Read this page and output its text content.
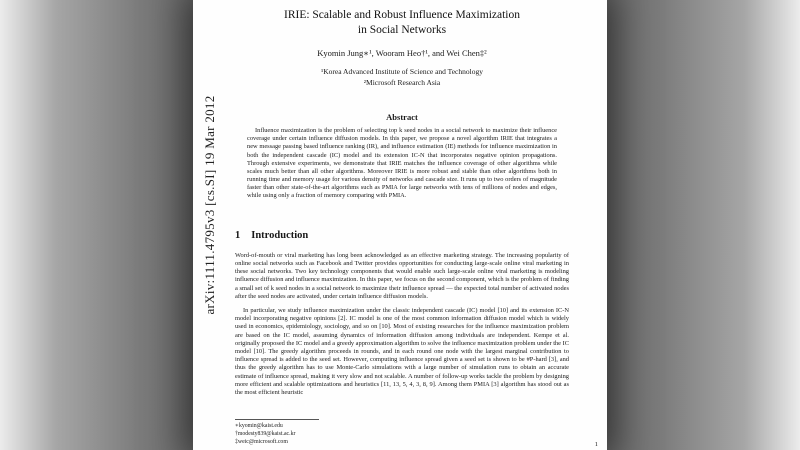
arXiv:1111.4795v3 [cs.SI] 19 Mar 2012
IRIE: Scalable and Robust Influence Maximization
in Social Networks
Kyomin Jung∗¹, Wooram Heo†¹, and Wei Chen‡²
¹Korea Advanced Institute of Science and Technology
²Microsoft Research Asia
Abstract

Influence maximization is the problem of selecting top k seed nodes in a social network to maximize their influence coverage under certain influence diffusion models. In this paper, we propose a novel algorithm IRIE that integrates a new message passing based influence ranking (IR), and influence estimation (IE) methods for influence maximization in both the independent cascade (IC) model and its extension IC-N that incorporates negative opinion propagations. Through extensive experiments, we demonstrate that IRIE matches the influence coverage of other algorithms while scales much better than all other algorithms. Moreover IRIE is more robust and stable than other algorithms both in running time and memory usage for various density of networks and cascade size. It runs up to two orders of magnitude faster than other state-of-the-art algorithms such as PMIA for large networks with tens of millions of nodes and edges, while using only a fraction of memory comparing with PMIA.

1 Introduction

Word-of-mouth or viral marketing has long been acknowledged as an effective marketing strategy. The increasing popularity of online social networks such as Facebook and Twitter provides opportunities for conducting large-scale online viral marketing in these social networks. Two key technology components that would enable such large-scale online viral marketing is modeling influence diffusion and influence maximization. In this paper, we focus on the second component, which is the problem of finding a small set of k seed nodes in a social network to maximize their influence spread — the expected total number of activated nodes after the seed nodes are activated, under certain influence diffusion models.

In particular, we study influence maximization under the classic independent cascade (IC) model [10] and its extension IC-N model incorporating negative opinions [2]. IC model is one of the most common information diffusion model which is widely used in economics, epidemiology, sociology, and so on [10]. Most of existing researches for the influence maximization problem are based on the IC model, assuming dynamics of information diffusion among individuals are independent. Kempe et al. originally proposed the IC model and a greedy approximation algorithm to solve the influence maximization problem under the IC model [10]. The greedy algorithm proceeds in rounds, and in each round one node with the largest marginal contribution to influence spread is added to the seed set. However, computing influence spread given a seed set is shown to be #P-hard [3], and thus the greedy algorithm has to use Monte-Carlo simulations with a large number of simulation runs to obtain an accurate estimate of influence spread, making it very slow and not scalable. A number of follow-up works tackle the problem by designing more efficient and scalable optimizations and heuristics [11, 13, 5, 4, 3, 8, 9]. Among them PMIA [3] algorithm has stood out as the most efficient heuristic

∗kyomin@kaist.edu
†modesty839@kaist.ac.kr
‡weic@microsoft.com	1
